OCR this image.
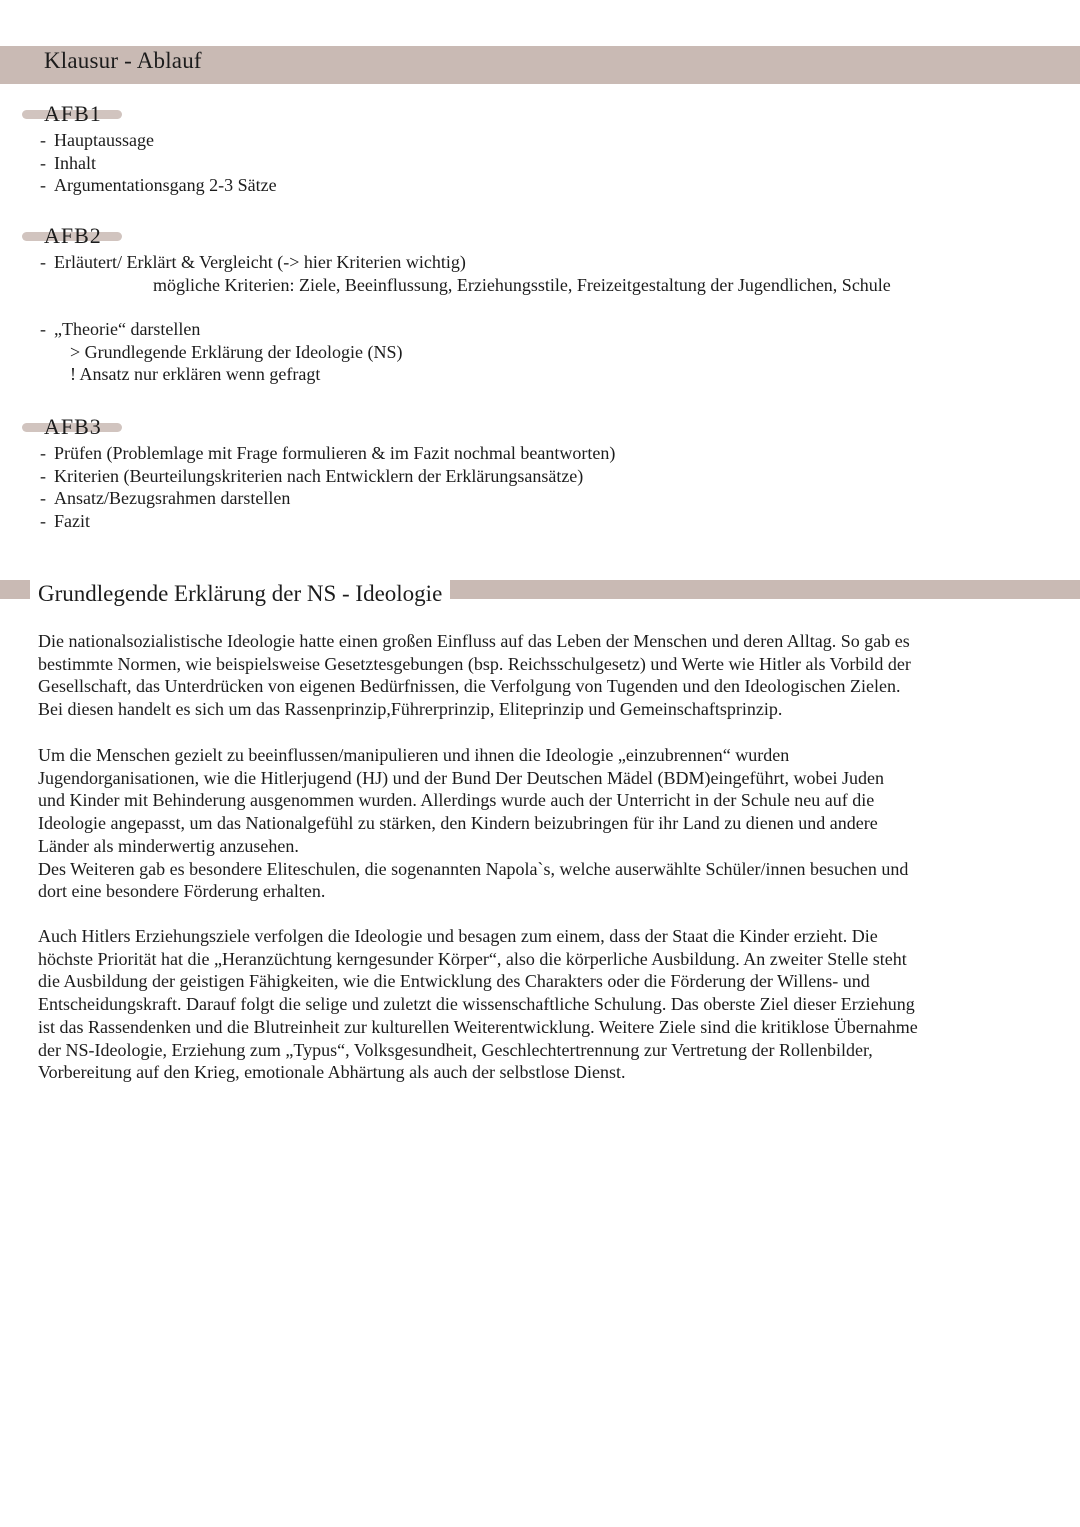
Klausur - Ablauf
AFB1
- Hauptaussage
- Inhalt
- Argumentationsgang 2-3 Sätze
AFB2
- Erläutert/ Erklärt & Vergleicht (-> hier Kriterien wichtig)
mögliche Kriterien: Ziele, Beeinflussung, Erziehungsstile, Freizeitgestaltung der Jugendlichen, Schule
- „Theorie“ darstellen
> Grundlegende Erklärung der Ideologie (NS)
! Ansatz nur erklären wenn gefragt
AFB3
- Prüfen (Problemlage mit Frage formulieren & im Fazit nochmal beantworten)
- Kriterien (Beurteilungskriterien nach Entwicklern der Erklärungsansätze)
- Ansatz/Bezugsrahmen darstellen
- Fazit
Grundlegende Erklärung der NS - Ideologie
Die nationalsozialistische Ideologie hatte einen großen Einfluss auf das Leben der Menschen und deren Alltag. So gab es
bestimmte Normen, wie beispielsweise Gesetztesgebungen (bsp. Reichsschulgesetz) und Werte wie Hitler als Vorbild der
Gesellschaft, das Unterdrücken von eigenen Bedürfnissen, die Verfolgung von Tugenden und den Ideologischen Zielen.
Bei diesen handelt es sich um das Rassenprinzip,Führerprinzip, Eliteprinzip und Gemeinschaftsprinzip.
Um die Menschen gezielt zu beeinflussen/manipulieren und ihnen die Ideologie „einzubrennen“ wurden
Jugendorganisationen, wie die Hitlerjugend (HJ) und der Bund Der Deutschen Mädel (BDM)eingeführt, wobei Juden
und Kinder mit Behinderung ausgenommen wurden. Allerdings wurde auch der Unterricht in der Schule neu auf die
Ideologie angepasst, um das Nationalgefühl zu stärken, den Kindern beizubringen für ihr Land zu dienen und andere
Länder als minderwertig anzusehen.
Des Weiteren gab es besondere Eliteschulen, die sogenannten Napola`s, welche auserwählte Schüler/innen besuchen und
dort eine besondere Förderung erhalten.
Auch Hitlers Erziehungsziele verfolgen die Ideologie und besagen zum einem, dass der Staat die Kinder erzieht. Die
höchste Priorität hat die „Heranzüchtung kerngesunder Körper“, also die körperliche Ausbildung. An zweiter Stelle steht
die Ausbildung der geistigen Fähigkeiten, wie die Entwicklung des Charakters oder die Förderung der Willens- und
Entscheidungskraft. Darauf folgt die selige und zuletzt die wissenschaftliche Schulung. Das oberste Ziel dieser Erziehung
ist das Rassendenken und die Blutreinheit zur kulturellen Weiterentwicklung. Weitere Ziele sind die kritiklose Übernahme
der NS-Ideologie, Erziehung zum „Typus“, Volksgesundheit, Geschlechtertrennung zur Vertretung der Rollenbilder,
Vorbereitung auf den Krieg, emotionale Abhärtung als auch der selbstlose Dienst.
